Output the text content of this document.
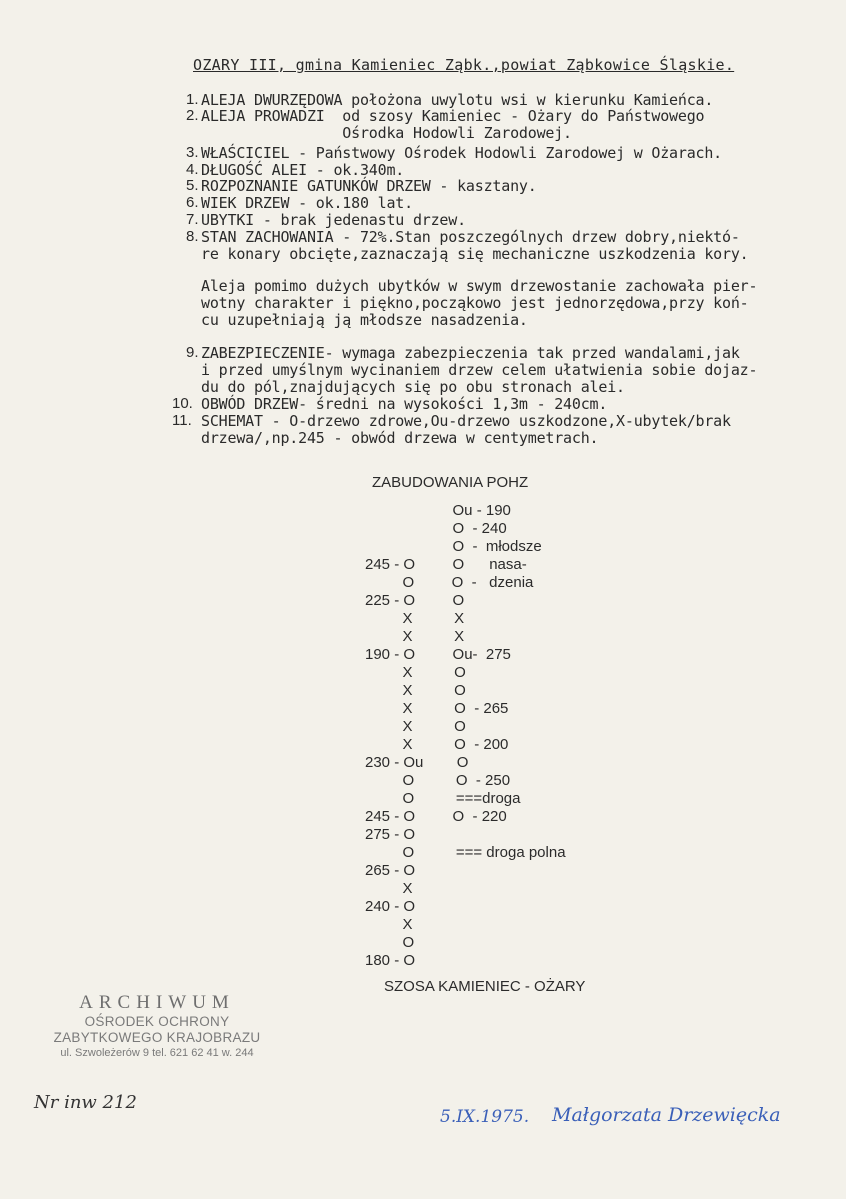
OZARY III, gmina Kamieniec Ząbk.,powiat Ząbkowice Śląskie.
1. ALEJA DWURZĘDOWA położona uwylotu wsi w kierunku Kamieńca.
2. ALEJA PROWADZI  od szosy Kamieniec - Ożary do Państwowego
Ośrodka Hodowli Zarodowej.
3. WŁAŚCICIEL - Państwowy Ośrodek Hodowli Zarodowej w Ożarach.
4. DŁUGOŚĆ ALEI - ok.340m.
5. ROZPOZNANIE GATUNKÓW DRZEW - kasztany.
6. WIEK DRZEW - ok.180 lat.
7. UBYTKI - brak jedenastu drzew.
8. STAN ZACHOWANIA - 72%.Stan poszczególnych drzew dobry,niektó-
re konary obcięte,zaznaczają się mechaniczne uszkodzenia kory.
Aleja pomimo dużych ubytków w swym drzewostanie zachowała pier-
wotny charakter i piękno,począkowo jest jednorzędowa,przy koń-
cu uzupełniają ją młodsze nasadzenia.
9. ZABEZPIECZENIE- wymaga zabezpieczenia tak przed wandalami,jak
i przed umyślnym wycinaniem drzew celem ułatwienia sobie dojaz-
du do pól,znajdujących się po obu stronach alei.
10. OBWÓD DRZEW- średni na wysokości 1,3m - 240cm.
11. SCHEMAT - O-drzewo zdrowe,Ou-drzewo uszkodzone,X-ubytek/brak
drzewa/,np.245 - obwód drzewa w centymetrach.
ZABUDOWANIA POHZ
Ou - 190
O  - 240
O  -  młodsze
245 - O         O      nasa-
O         O  -   dzenia
225 - O         O
X          X
X          X
190 - O         Ou-  275
X          O
X          O
X          O  - 265
X          O
X          O  - 200
230 - Ou        O
O          O  - 250
O          ===droga
245 - O         O  - 220
275 - O
O          === droga polna
265 - O
X
240 - O
X
O
180 - O
SZOSA KAMIENIEC - OŻARY
ARCHIWUM
OŚRODEK OCHRONY
ZABYTKOWEGO KRAJOBRAZU
ul. Szwoleżerów 9 tel. 621 62 41 w. 244
Nr inw 212
5.IX.1975. Małgorzata Drzewięcka
